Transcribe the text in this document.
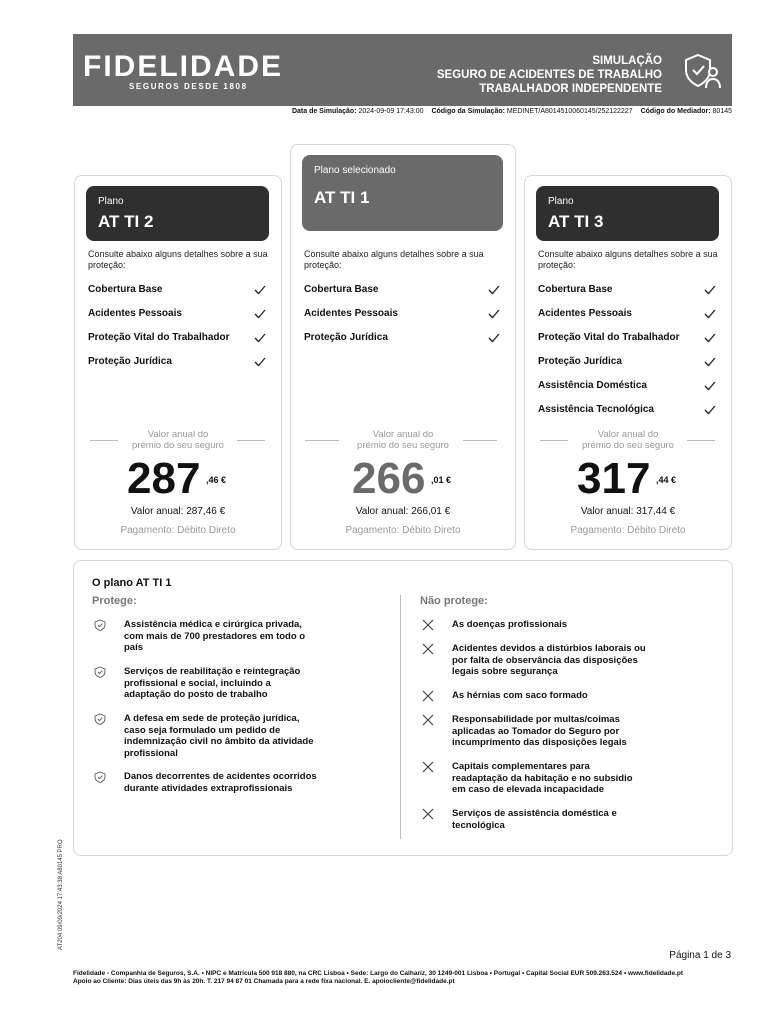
FIDELIDADE
SEGUROS DESDE 1808
SIMULAÇÃO
SEGURO DE ACIDENTES DE TRABALHO
TRABALHADOR INDEPENDENTE
Data de Simulação: 2024-09-09 17:43:00 Código da Simulação: MEDINET/A8014510060145/252122227 Código do Mediador: 80145
Plano
AT TI 2
Consulte abaixo alguns detalhes sobre a sua proteção:
Cobertura Base
Acidentes Pessoais
Proteção Vital do Trabalhador
Proteção Jurídica
Valor anual do
prémio do seu seguro
287 ,46 €
Valor anual: 287,46 €
Pagamento: Débito Direto
Plano selecionado
AT TI 1
Consulte abaixo alguns detalhes sobre a sua proteção:
Cobertura Base
Acidentes Pessoais
Proteção Jurídica
Valor anual do
prémio do seu seguro
266 ,01 €
Valor anual: 266,01 €
Pagamento: Débito Direto
Plano
AT TI 3
Consulte abaixo alguns detalhes sobre a sua proteção:
Cobertura Base
Acidentes Pessoais
Proteção Vital do Trabalhador
Proteção Jurídica
Assistência Doméstica
Assistência Tecnológica
Valor anual do
prémio do seu seguro
317 ,44 €
Valor anual: 317,44 €
Pagamento: Débito Direto
O plano AT TI 1
Protege:	Não protege:
Assistência médica e cirúrgica privada,
com mais de 700 prestadores em todo o
país
Serviços de reabilitação e reintegração
profissional e social, incluindo a
adaptação do posto de trabalho
A defesa em sede de proteção jurídica,
caso seja formulado um pedido de
indemnização civil no âmbito da atividade
profissional
Danos decorrentes de acidentes ocorridos
durante atividades extraprofissionais
As doenças profissionais
Acidentes devidos a distúrbios laborais ou
por falta de observância das disposições
legais sobre segurança
As hérnias com saco formado
Responsabilidade por multas/coimas
aplicadas ao Tomador do Seguro por
incumprimento das disposições legais
Capitais complementares para
readaptação da habitação e no subsídio
em caso de elevada incapacidade
Serviços de assistência doméstica e
tecnológica
AT204 09/09/2024 17:43:38 A80145 PRO
Página 1 de 3
Fidelidade - Companhia de Seguros, S.A. • NIPC e Matrícula 500 918 880, na CRC Lisboa • Sede: Largo do Calhariz, 30 1249-001 Lisboa • Portugal • Capital Social EUR 509.263.524 • www.fidelidade.pt
Apoio ao Cliente: Dias úteis das 9h às 20h. T. 217 94 87 01 Chamada para a rede fixa nacional. E. apoiocliente@fidelidade.pt
